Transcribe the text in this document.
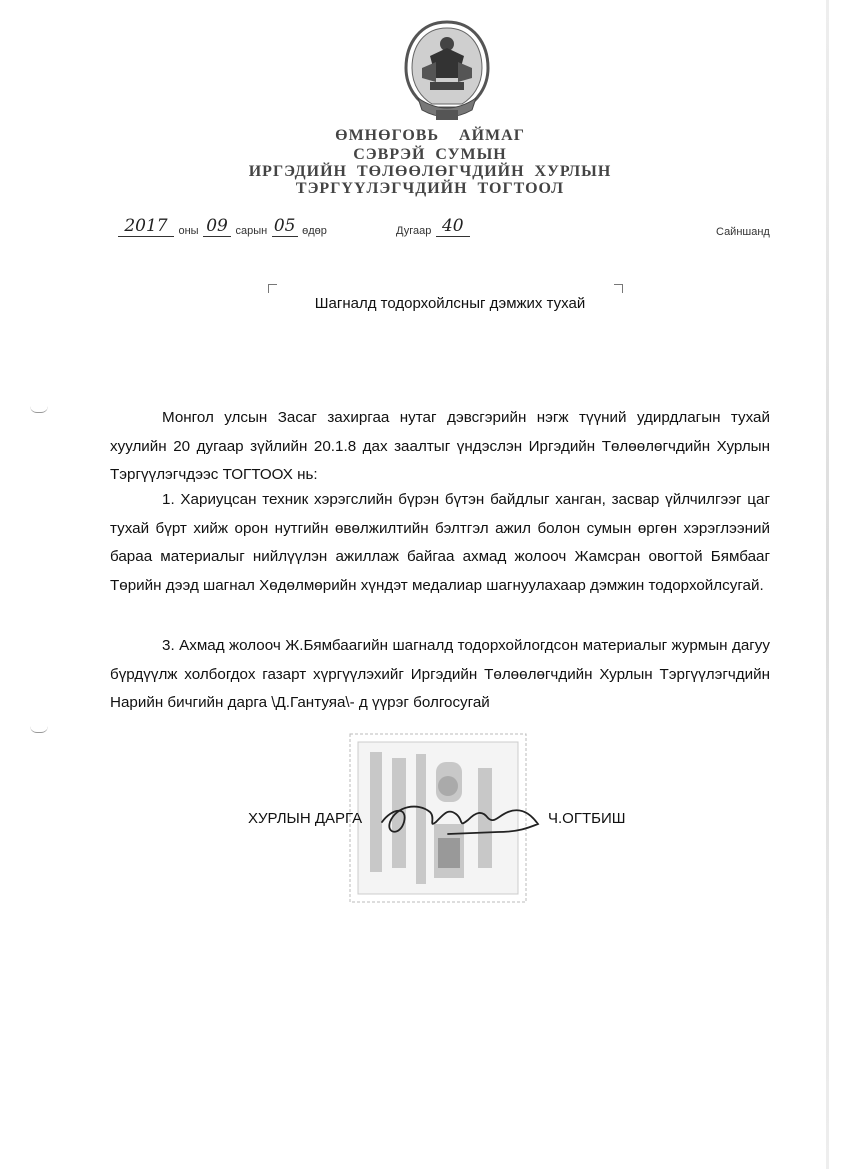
ӨМНӨГОВЬ    АЙМАГ
СЭВРЭЙ  СУМЫН
ИРГЭДИЙН  ТӨЛӨӨЛӨГЧДИЙН  ХУРЛЫН
ТЭРГҮҮЛЭГЧДИЙН  ТОГТООЛ
2017 оны 09 сарын 05 өдөр	Дугаар 40	Сайншанд
Шагналд тодорхойлсныг дэмжих тухай
Монгол улсын Засаг захиргаа нутаг дэвсгэрийн нэгж түүний удирдлагын тухай хуулийн 20 дугаар зүйлийн 20.1.8 дах заалтыг үндэслэн Иргэдийн Төлөөлөгчдийн Хурлын Тэргүүлэгчдээс ТОГТООХ нь:
1. Хариуцсан техник хэрэгслийн бүрэн бүтэн байдлыг ханган, засвар үйлчилгээг цаг тухай бүрт хийж орон нутгийн өвөлжилтийн бэлтгэл ажил болон сумын өргөн хэрэглээний бараа материалыг нийлүүлэн ажиллаж байгаа ахмад жолооч Жамсран овогтой Бямбааг Төрийн дээд шагнал Хөдөлмөрийн хүндэт медалиар шагнуулахаар дэмжин тодорхойлсугай.
3. Ахмад жолооч Ж.Бямбаагийн шагналд тодорхойлогдсон материалыг журмын дагуу бүрдүүлж холбогдох газарт хүргүүлэхийг Иргэдийн Төлөөлөгчдийн Хурлын Тэргүүлэгчдийн Нарийн бичгийн дарга \Д.Гантуяа\- д үүрэг болгосугай
ХУРЛЫН ДАРГА	Ч.ОГТБИШ
